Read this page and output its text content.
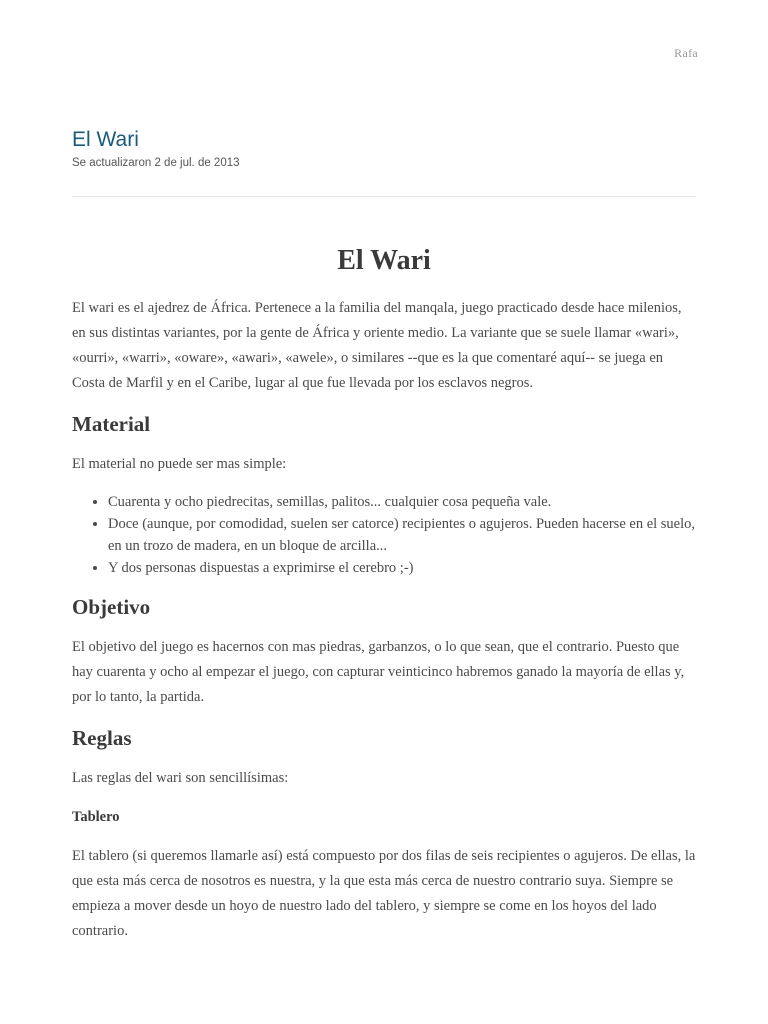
Rafa
El Wari
Se actualizaron 2 de jul. de 2013
El Wari

El wari es el ajedrez de África. Pertenece a la familia del manqala, juego practicado desde hace milenios, en sus distintas variantes, por la gente de África y oriente medio. La variante que se suele llamar «wari», «ourri», «warri», «oware», «awari», «awele», o similares --que es la que comentaré aquí-- se juega en Costa de Marfil y en el Caribe, lugar al que fue llevada por los esclavos negros.

Material

El material no puede ser mas simple:

• Cuarenta y ocho piedrecitas, semillas, palitos... cualquier cosa pequeña vale.
• Doce (aunque, por comodidad, suelen ser catorce) recipientes o agujeros. Pueden hacerse en el suelo, en un trozo de madera, en un bloque de arcilla...
• Y dos personas dispuestas a exprimirse el cerebro ;-)
Objetivo

El objetivo del juego es hacernos con mas piedras, garbanzos, o lo que sean, que el contrario. Puesto que hay cuarenta y ocho al empezar el juego, con capturar veinticinco habremos ganado la mayoría de ellas y, por lo tanto, la partida.

Reglas

Las reglas del wari son sencillísimas:

Tablero

El tablero (si queremos llamarle así) está compuesto por dos filas de seis recipientes o agujeros. De ellas, la que esta más cerca de nosotros es nuestra, y la que esta más cerca de nuestro contrario suya. Siempre se empieza a mover desde un hoyo de nuestro lado del tablero, y siempre se come en los hoyos del lado contrario.
